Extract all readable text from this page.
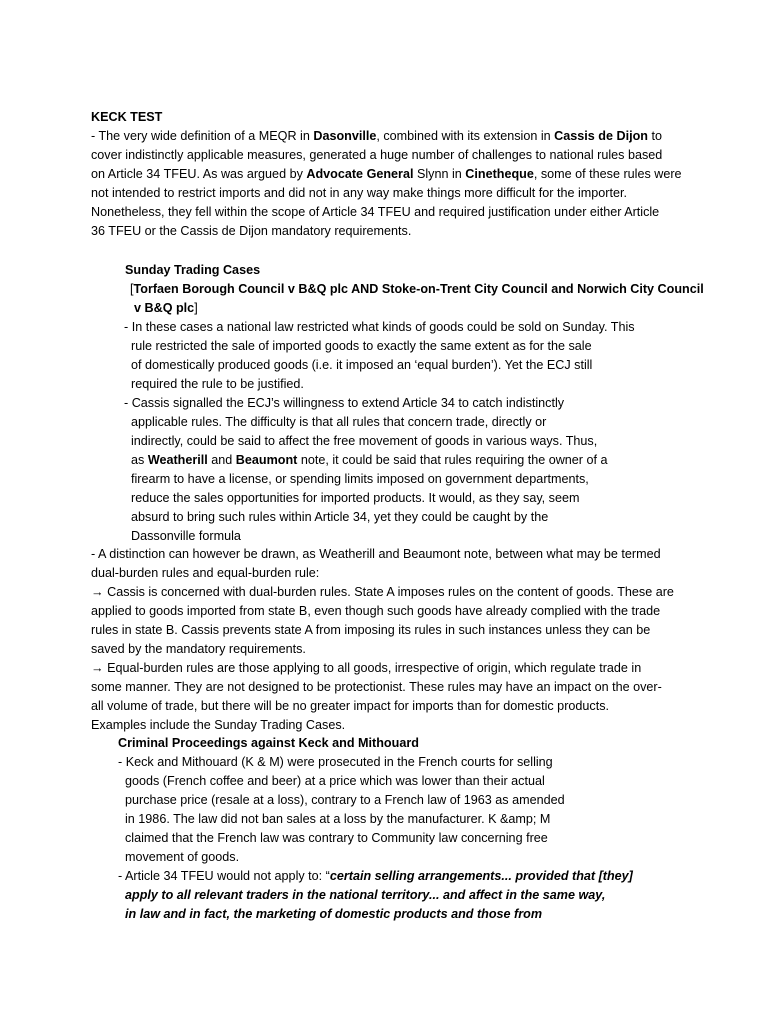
KECK TEST
- The very wide definition of a MEQR in Dasonville, combined with its extension in Cassis de Dijon to
cover indistinctly applicable measures, generated a huge number of challenges to national rules based
on Article 34 TFEU. As was argued by Advocate General Slynn in Cinetheque, some of these rules were
not intended to restrict imports and did not in any way make things more difficult for the importer.
Nonetheless, they fell within the scope of Article 34 TFEU and required justification under either Article
36 TFEU or the Cassis de Dijon mandatory requirements.
Sunday Trading Cases
[Torfaen Borough Council v B&Q plc AND Stoke-on-Trent City Council and Norwich City Council
v B&Q plc]
- In these cases a national law restricted what kinds of goods could be sold on Sunday. This
rule restricted the sale of imported goods to exactly the same extent as for the sale
of domestically produced goods (i.e. it imposed an ‘equal burden’). Yet the ECJ still
required the rule to be justified.
- Cassis signalled the ECJ’s willingness to extend Article 34 to catch indistinctly
applicable rules. The difficulty is that all rules that concern trade, directly or
indirectly, could be said to affect the free movement of goods in various ways. Thus,
as Weatherill and Beaumont note, it could be said that rules requiring the owner of a
firearm to have a license, or spending limits imposed on government departments,
reduce the sales opportunities for imported products. It would, as they say, seem
absurd to bring such rules within Article 34, yet they could be caught by the
Dassonville formula
- A distinction can however be drawn, as Weatherill and Beaumont note, between what may be termed
dual-burden rules and equal-burden rule:
→ Cassis is concerned with dual-burden rules. State A imposes rules on the content of goods. These are
applied to goods imported from state B, even though such goods have already complied with the trade
rules in state B. Cassis prevents state A from imposing its rules in such instances unless they can be
saved by the mandatory requirements.
→ Equal-burden rules are those applying to all goods, irrespective of origin, which regulate trade in
some manner. They are not designed to be protectionist. These rules may have an impact on the over-
all volume of trade, but there will be no greater impact for imports than for domestic products.
Examples include the Sunday Trading Cases.
Criminal Proceedings against Keck and Mithouard
- Keck and Mithouard (K & M) were prosecuted in the French courts for selling
goods (French coffee and beer) at a price which was lower than their actual
purchase price (resale at a loss), contrary to a French law of 1963 as amended
in 1986. The law did not ban sales at a loss by the manufacturer. K &amp; M
claimed that the French law was contrary to Community law concerning free
movement of goods.
- Article 34 TFEU would not apply to: “certain selling arrangements... provided that [they]
apply to all relevant traders in the national territory... and affect in the same way,
in law and in fact, the marketing of domestic products and those from
